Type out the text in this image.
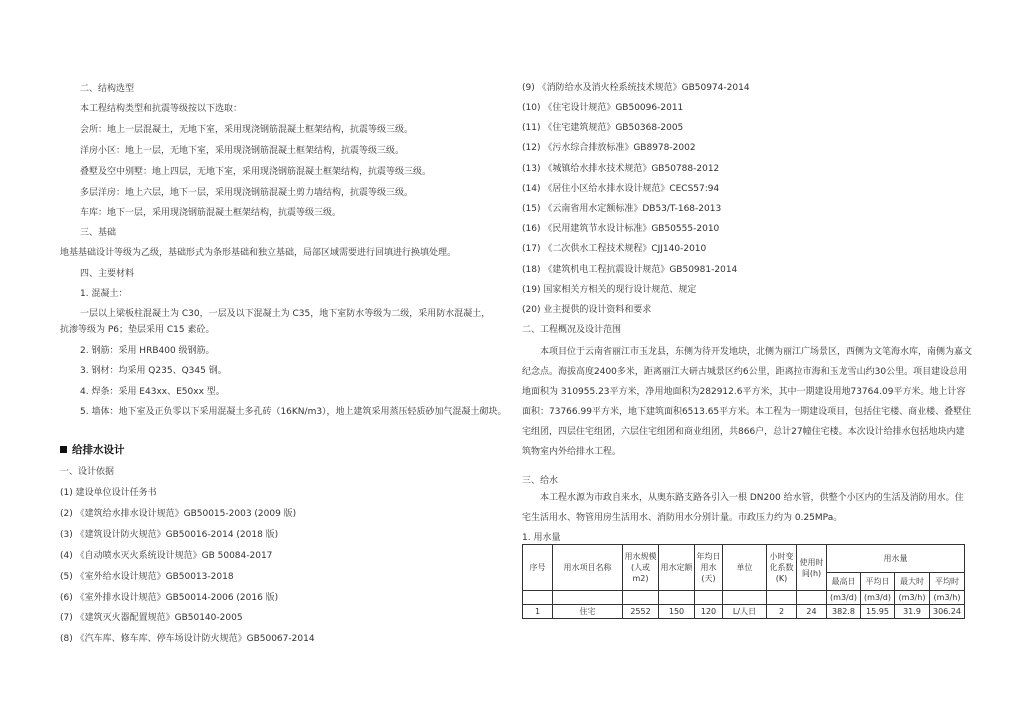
二、结构选型
本工程结构类型和抗震等级按以下选取：
会所：地上一层混凝土，无地下室，采用现浇钢筋混凝土框架结构，抗震等级三级。
洋房小区：地上一层，无地下室，采用现浇钢筋混凝土框架结构，抗震等级三级。
叠墅及空中别墅：地上四层，无地下室，采用现浇钢筋混凝土框架结构，抗震等级三级。
多层洋房：地上六层，地下一层，采用现浇钢筋混凝土剪力墙结构，抗震等级三级。
车库：地下一层，采用现浇钢筋混凝土框架结构，抗震等级三级。
三、基础
地基基础设计等级为乙级，基础形式为条形基础和独立基础，局部区域需要进行回填进行换填处理。
四、主要材料
1. 混凝土：
一层以上梁板柱混凝土为 C30，一层及以下混凝土为 C35，地下室防水等级为二级，采用防水混凝土，
抗渗等级为 P6；垫层采用 C15 素砼。
2. 钢筋：采用 HRB400 级钢筋。
3. 钢材：均采用 Q235、Q345 钢。
4. 焊条：采用 E43xx、E50xx 型。
5. 墙体：地下室及正负零以下采用混凝土多孔砖（16KN/m3），地上建筑采用蒸压轻质砂加气混凝土砌块。
给排水设计
一、设计依据
(1) 建设单位设计任务书
(2) 《建筑给水排水设计规范》GB50015-2003 (2009 版)
(3) 《建筑设计防火规范》GB50016-2014 (2018 版)
(4) 《自动喷水灭火系统设计规范》GB 50084-2017
(5) 《室外给水设计规范》GB50013-2018
(6) 《室外排水设计规范》GB50014-2006 (2016 版)
(7) 《建筑灭火器配置规范》GB50140-2005
(8) 《汽车库、修车库、停车场设计防火规范》GB50067-2014
(9) 《消防给水及消火栓系统技术规范》GB50974-2014
(10) 《住宅设计规范》GB50096-2011
(11) 《住宅建筑规范》GB50368-2005
(12) 《污水综合排放标准》GB8978-2002
(13) 《城镇给水排水技术规范》GB50788-2012
(14) 《居住小区给水排水设计规范》CECS57:94
(15) 《云南省用水定额标准》DB53/T-168-2013
(16) 《民用建筑节水设计标准》GB50555-2010
(17) 《二次供水工程技术规程》CJJ140-2010
(18) 《建筑机电工程抗震设计规范》GB50981-2014
(19) 国家相关方相关的现行设计规范、规定
(20) 业主提供的设计资料和要求
二、工程概况及设计范围
本项目位于云南省丽江市玉龙县，东侧为待开发地块，北侧为丽江广场景区，西侧为文笔海水库，南侧为嘉文纪念点。海拔高度2400多米，距离丽江大研古城景区约6公里，距离拉市海和玉龙雪山约30公里。项目建设总用地面积为 310955.23平方米，净用地面积为282912.6平方米，其中一期建设用地73764.09平方米。地上计容面积：73766.99平方米，地下建筑面积6513.65平方米。本工程为一期建设项目，包括住宅楼、商业楼、叠墅住宅组团，四层住宅组团，六层住宅组团和商业组团，共866户，总计27幢住宅楼。本次设计给排水包括地块内建筑物室内外给排水工程。
三、给水
本工程水源为市政自来水，从奥东路支路各引入一根 DN200 给水管，供整个小区内的生活及消防用水。住宅生活用水、物管用房生活用水、消防用水分别计量。市政压力约为 0.25MPa。
1. 用水量
序号	用水项目名称	用水规模(人或m2)	用水定额	年均日用水(天)	单位	小时变化系数(K)	使用时间(h)	用水量			
								最高日	平均日	最大时	平均时
								(m3/d)	(m3/d)	(m3/h)	(m3/h)
1	住宅	2552	150	120	L/人日	2	24	382.8	15.95	31.9	306.24
